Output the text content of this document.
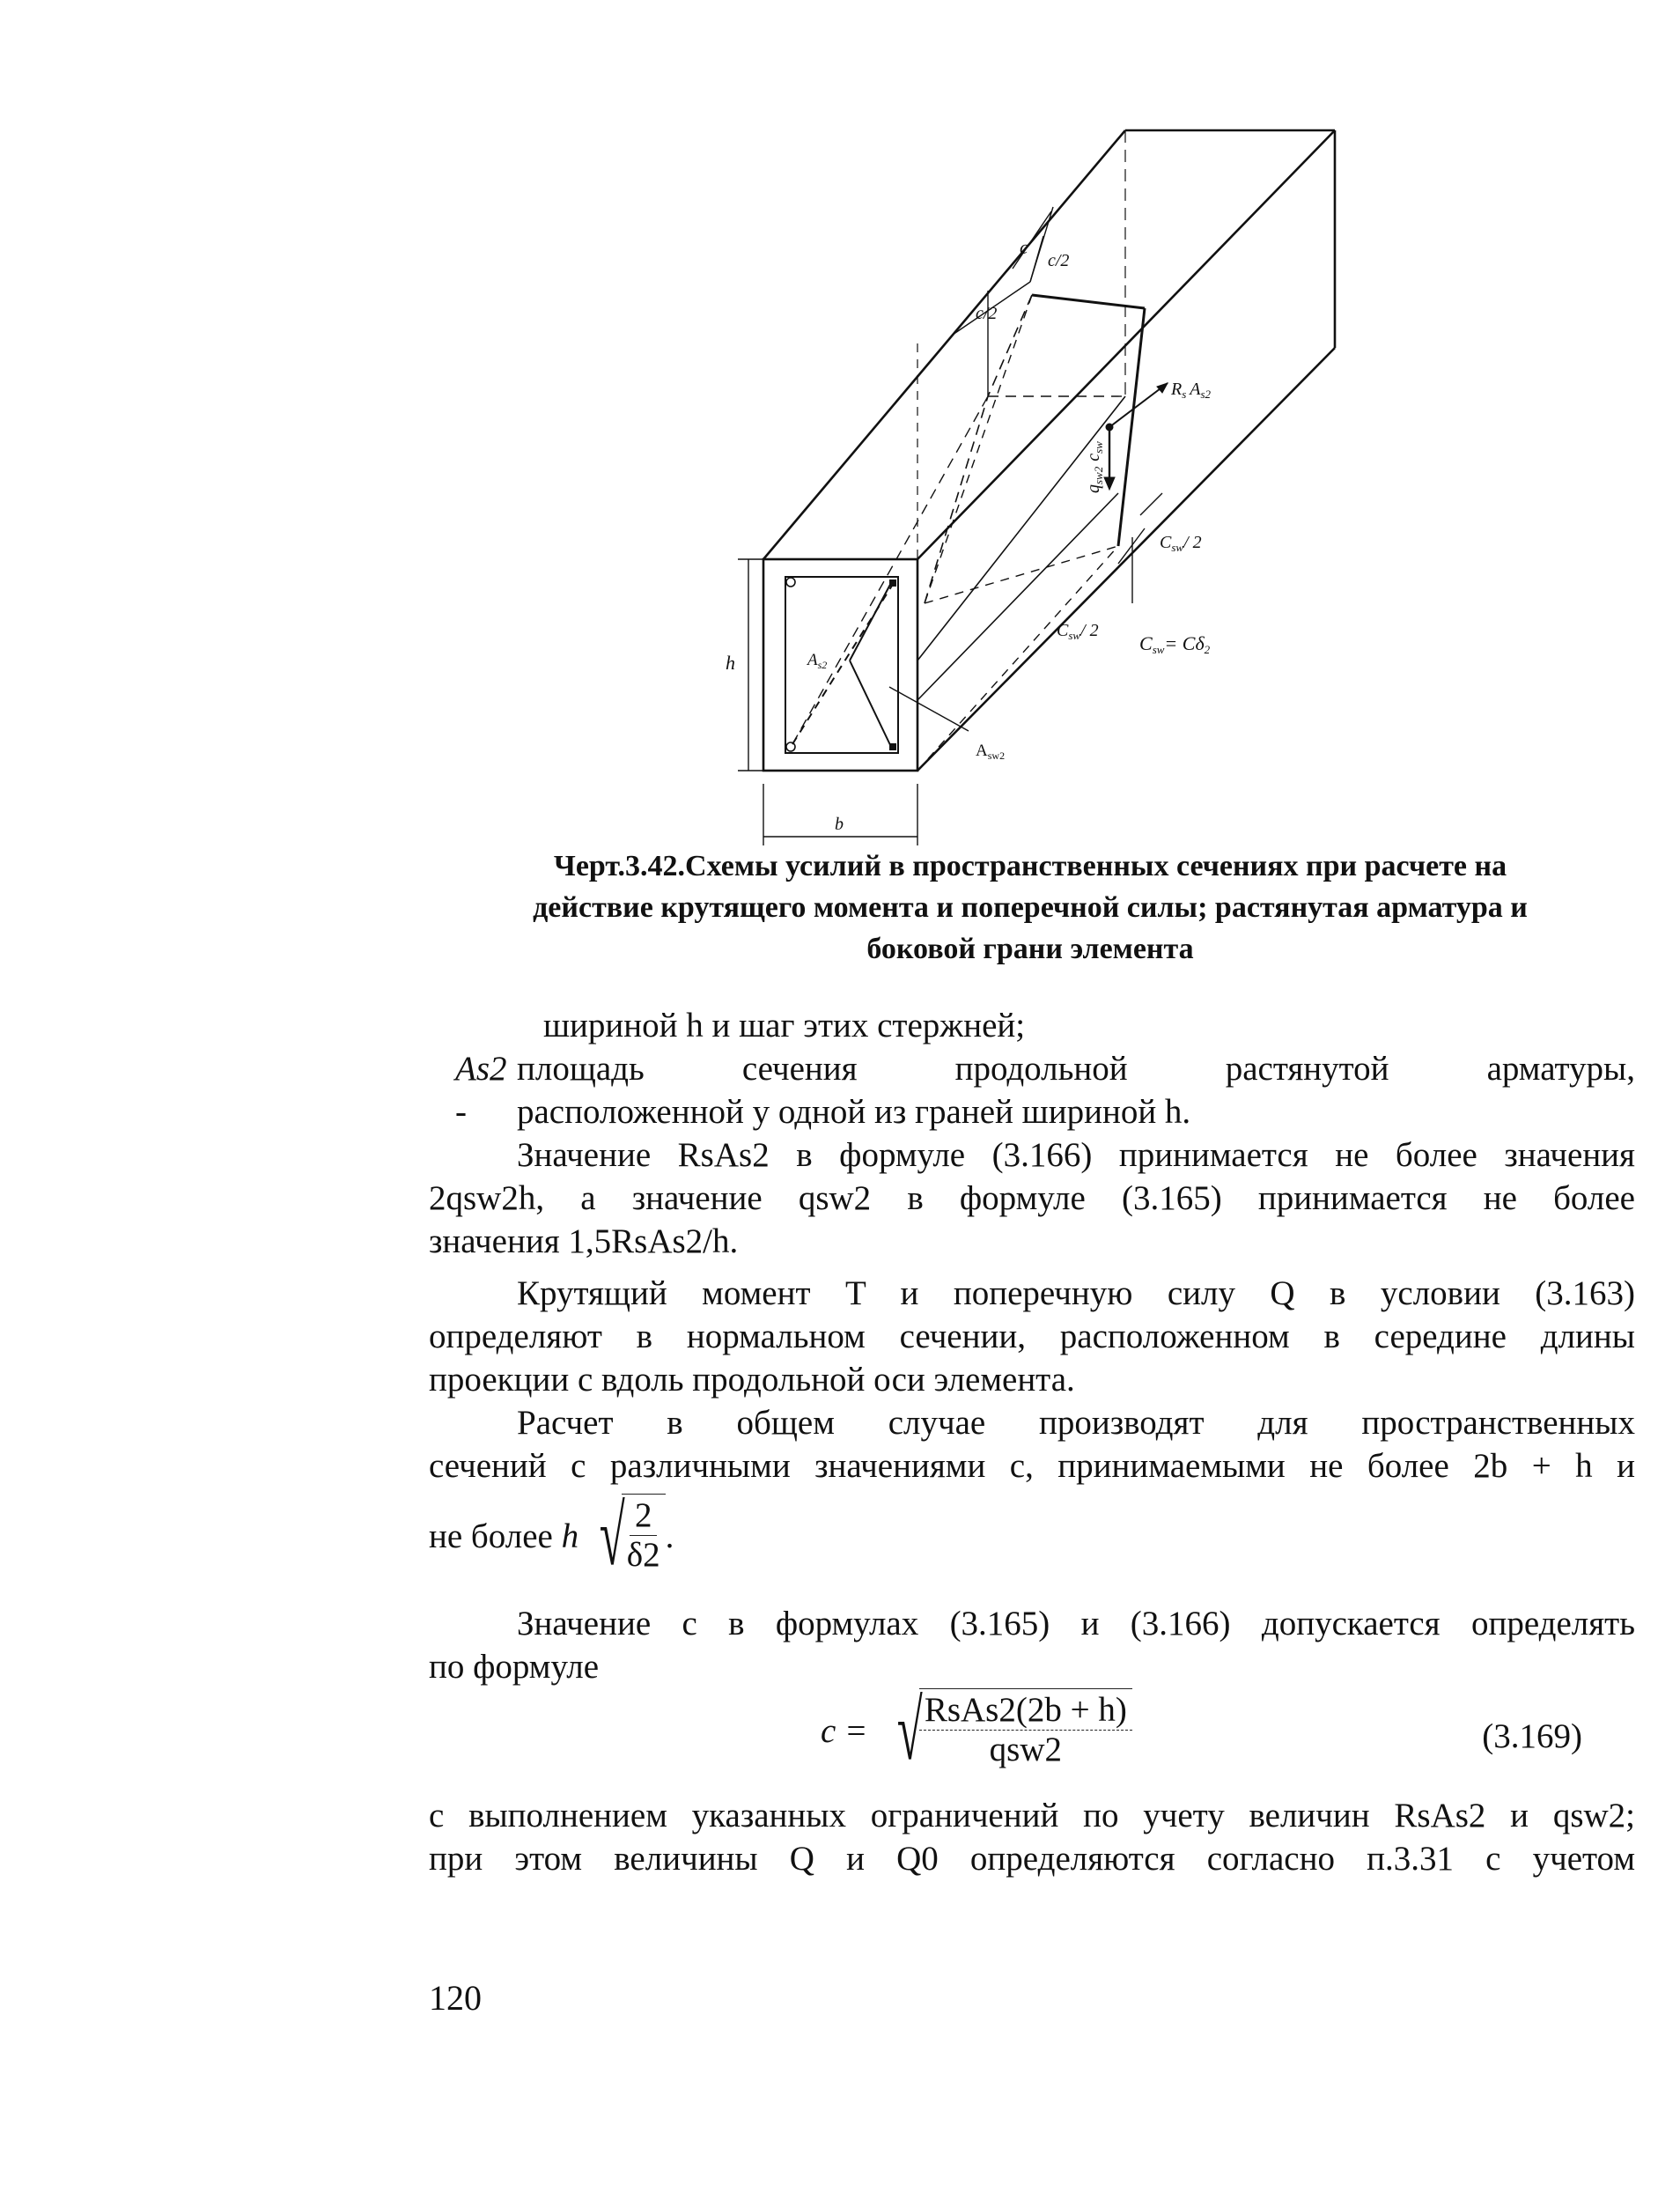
c
c/2
c/2
$R_s$ $A_{s2}$
$q_{sw2}c_{sw}$
$C_{sw}/$ 2
$C_{sw}/$ 2
Csw= Cδ2
h
b
$A_{s2}$
$A_{sw2}$
Черт.3.42.Схемы усилий в пространственных сечениях при расчете на
действие крутящего момента и поперечной силы; растянутая арматура и
боковой грани элемента
шириной h и шаг этих стержней;
As2 -
площадь сечения продольной растянутой арматуры,
расположенной у одной из граней шириной h.
Значение RsAs2 в формуле (3.166) принимается не более значения
2qsw2h, а значение qsw2 в формуле (3.165) принимается не более
значения 1,5RsAs2/h.
Крутящий момент T и поперечную силу Q в условии (3.163)
определяют в нормальном сечении, расположенном в середине длины
проекции c вдоль продольной оси элемента.
Расчет в общем случае производят для пространственных
сечений с различными значениями c, принимаемыми не более 2b + h и
не более
h √
$\frac{2}{\delta 2}$ .
Значение c в формулах (3.165) и (3.166) допускается определять
по формуле
c =
√
$\frac{\text{RsAs2(2b + h)}}{\text{qsw2}}$	(3.169)
с выполнением указанных ограничений по учету величин RsAs2 и qsw2;
при этом величины Q и Q0 определяются согласно п.3.31 с учетом
120
